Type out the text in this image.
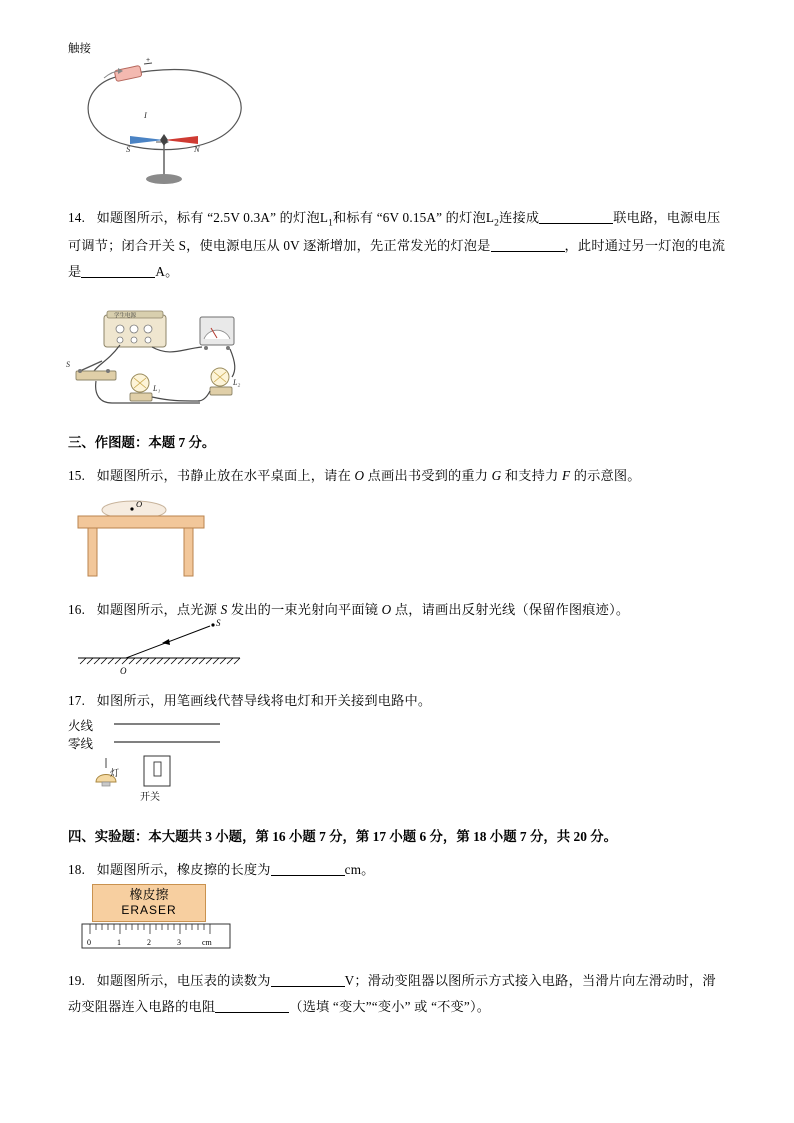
+
S	N
I
触接
14. 如题图所示，标有 “2.5V 0.3A” 的灯泡$L_1$和标有 “6V 0.15A” 的灯泡$L_2$连接成	联电路，电源电压可调节；闭合开关 S，使电源电压从 0V 逐渐增加，先正常发光的灯泡是	，此时通过另一灯泡的电流是	A。
学生电源
S
L₁
L₂
三、作图题：本题 7 分。
15. 如题图所示，书静止放在水平桌面上，请在 O 点画出书受到的重力 G 和支持力 F 的示意图。
O
16. 如题图所示，点光源 S 发出的一束光射向平面镜 O 点，请画出反射光线（保留作图痕迹）。
S
O
17. 如图所示，用笔画线代替导线将电灯和开关接到电路中。
灯
开关
火线
零线
四、实验题：本大题共 3 小题，第 16 小题 7 分，第 17 小题 6 分，第 18 小题 7 分，共 20 分。
18. 如题图所示，橡皮擦的长度为	cm。
橡皮擦
ERASER
0	1	2	3	cm
19. 如题图所示，电压表的读数为	V；滑动变阻器以图所示方式接入电路，当滑片向左滑动时，滑动变阻器连入电路的电阻	（选填 “变大”“变小” 或 “不变”）。
